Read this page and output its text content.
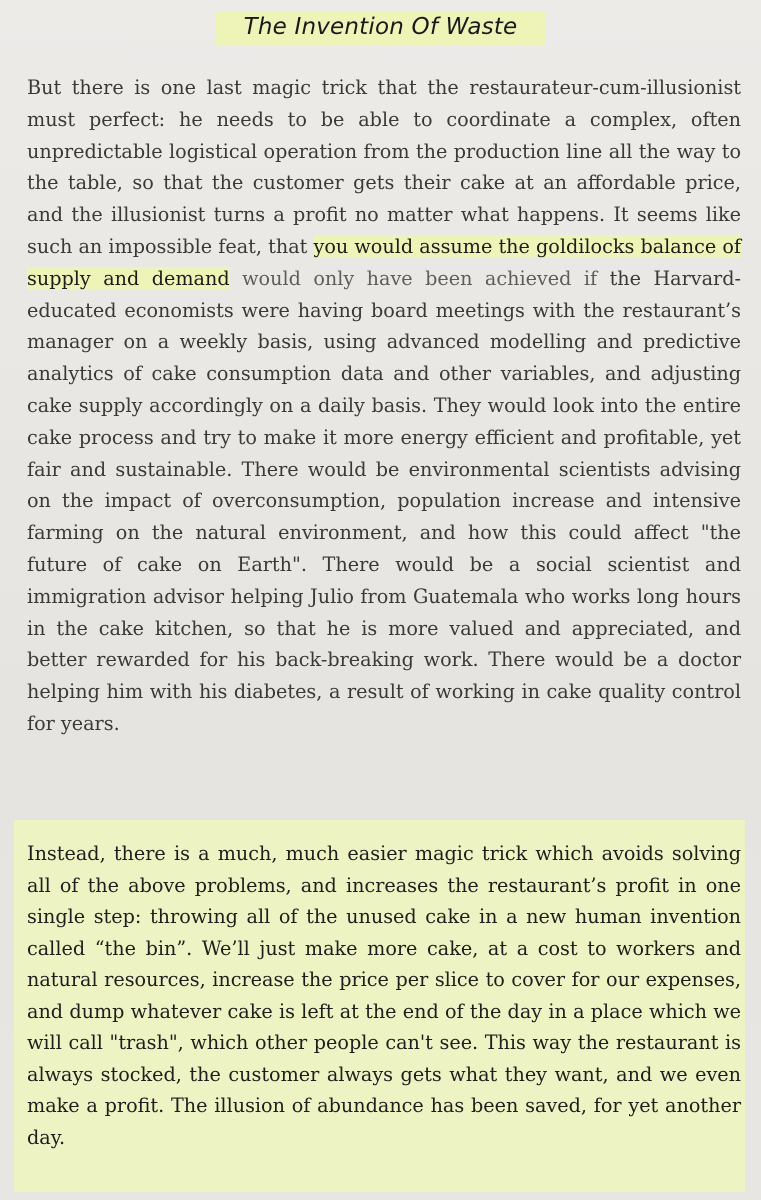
The Invention Of Waste

But there is one last magic trick that the restaurateur-cum-illusionist must perfect: he needs to be able to coordinate a complex, often unpredictable logistical operation from the production line all the way to the table, so that the customer gets their cake at an affordable price, and the illusionist turns a profit no matter what happens. It seems like such an impossible feat, that you would assume the goldilocks balance of supply and demand would only have been achieved if the Harvard-educated economists were having board meetings with the restaurant’s manager on a weekly basis, using advanced modelling and predictive analytics of cake consumption data and other variables, and adjusting cake supply accordingly on a daily basis. They would look into the entire cake process and try to make it more energy efficient and profitable, yet fair and sustainable. There would be environmental scientists advising on the impact of overconsumption, population increase and intensive farming on the natural environment, and how this could affect "the future of cake on Earth". There would be a social scientist and immigration advisor helping Julio from Guatemala who works long hours in the cake kitchen, so that he is more valued and appreciated, and better rewarded for his back-breaking work. There would be a doctor helping him with his diabetes, a result of working in cake quality control for years.

Instead, there is a much, much easier magic trick which avoids solving all of the above problems, and increases the restaurant’s profit in one single step: throwing all of the unused cake in a new human invention called “the bin”. We’ll just make more cake, at a cost to workers and natural resources, increase the price per slice to cover for our expenses, and dump whatever cake is left at the end of the day in a place which we will call "trash", which other people can't see. This way the restaurant is always stocked, the customer always gets what they want, and we even make a profit. The illusion of abundance has been saved, for yet another day.
